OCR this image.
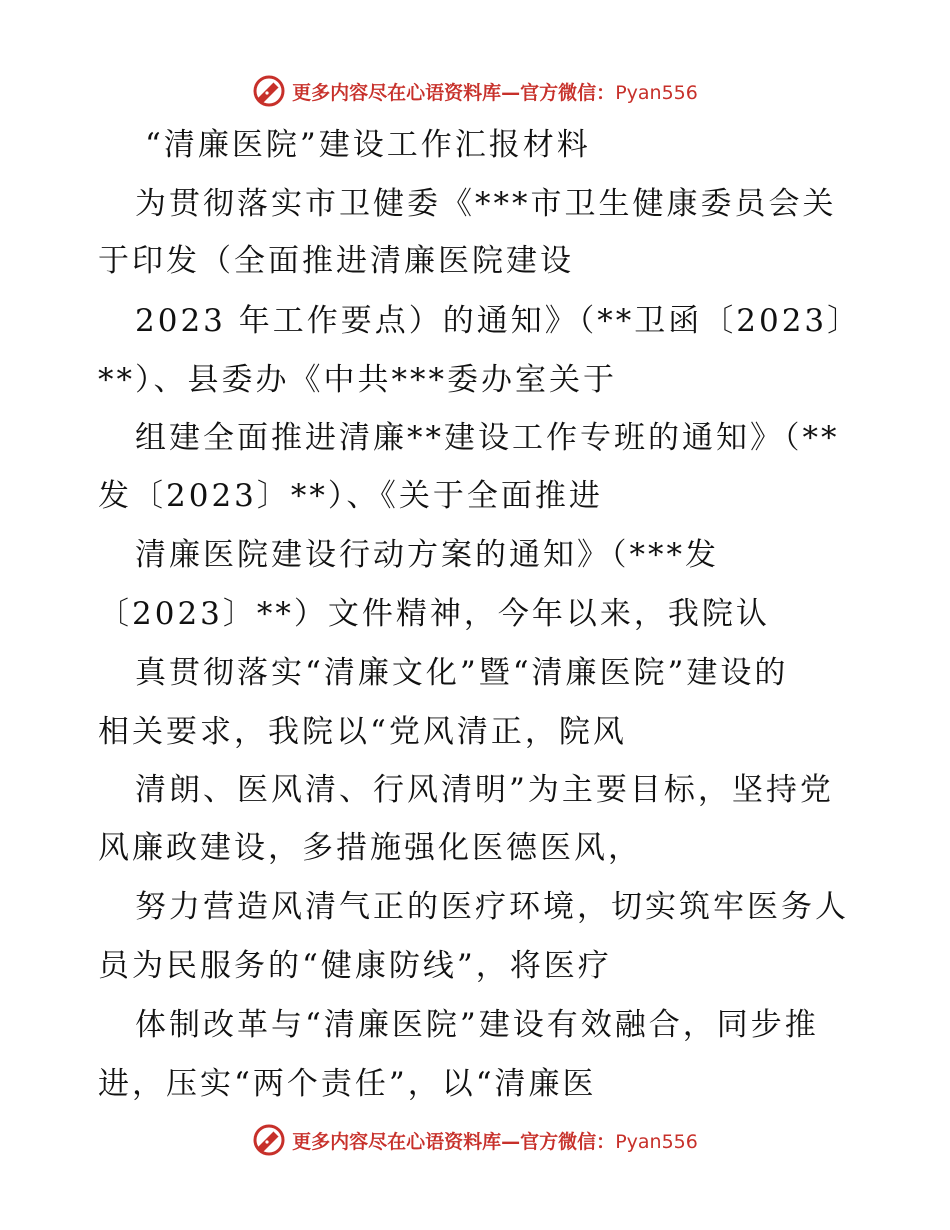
更多内容尽在心语资料库—官方微信：Pyan556
“清廉医院”建设工作汇报材料
为贯彻落实市卫健委《***市卫生健康委员会关
于印发（全面推进清廉医院建设
2023 年工作要点）的通知》（**卫函〔2023〕
**）、县委办《中共***委办室关于
组建全面推进清廉**建设工作专班的通知》（**
发〔2023〕**）、《关于全面推进
清廉医院建设行动方案的通知》（***发
〔2023〕**）文件精神，今年以来，我院认
真贯彻落实“清廉文化”暨“清廉医院”建设的
相关要求，我院以“党风清正，院风
清朗、医风清、行风清明”为主要目标，坚持党
风廉政建设，多措施强化医德医风，
努力营造风清气正的医疗环境，切实筑牢医务人
员为民服务的“健康防线”，将医疗
体制改革与“清廉医院”建设有效融合，同步推
进，压实“两个责任”，以“清廉医
更多内容尽在心语资料库—官方微信：Pyan556
